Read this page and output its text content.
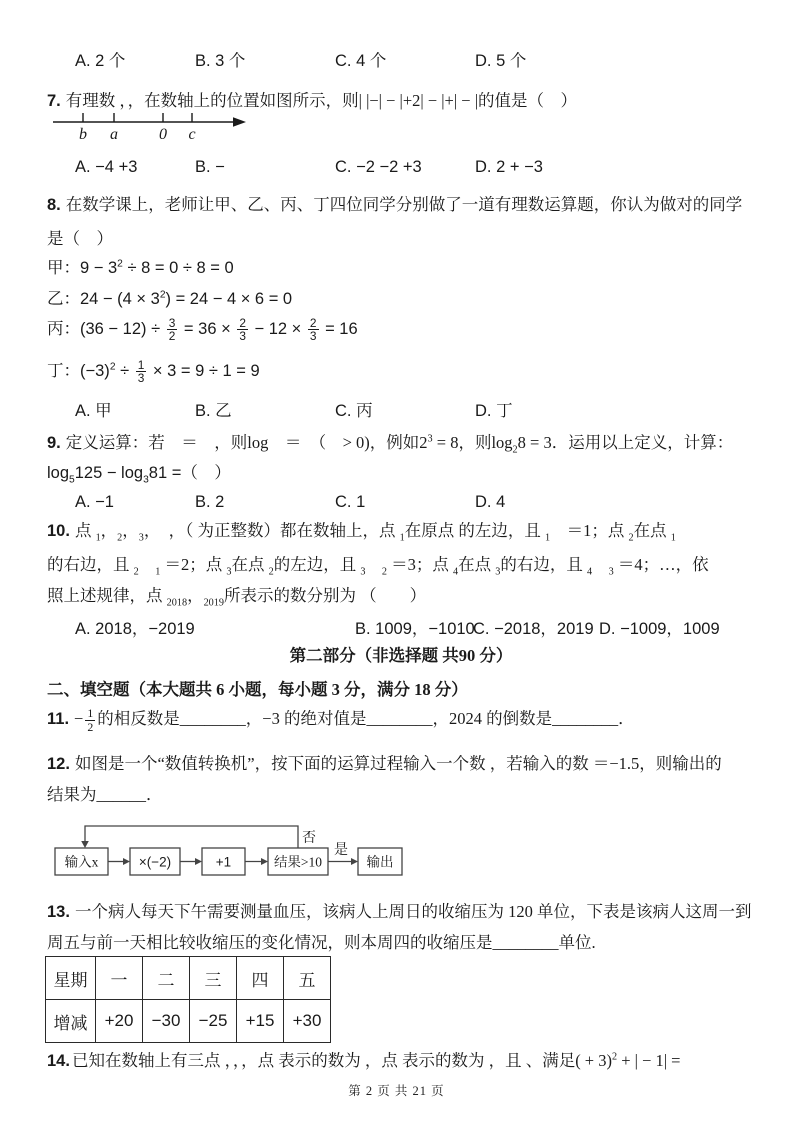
A. 2 个	B. 3 个	C. 4 个	D. 5 个
7. 有理数 ，，在数轴上的位置如图所示，则| |−| − |+2| − |+| − |的值是（　）
b a	0 c
A. −4 +3	B. −	C. −2 −2 +3	D. 2 + −3
8. 在数学课上，老师让甲、乙、丙、丁四位同学分别做了一道有理数运算题，你认为做对的同学
是（　）
甲：$9 - 3^2 \div 8 = 0 \div 8 = 0$
乙：$24 - (4 \times 3^2) = 24 - 4 \times 6 = 0$
丙：$(36 - 12) \div \frac{3}{2} = 36 \times \frac{2}{3} - 12 \times \frac{2}{3} = 16$
丁：$(-3)^2 \div \frac{1}{3} \times 3 = 9 \div 1 = 9$
A. 甲	B. 乙	C. 丙	D. 丁
9. 定义运算：若　＝　，则log　＝　（　> 0)，例如$2^3 = 8$，则$\log_28 = 3$．运用以上定义，计算：
$\log_5125 - \log_381$ =（　）
A. −1	B. 2	C. 1	D. 4
10. 点 $_1$，$_2$，$_3$，　，（ 为正整数）都在数轴上，点 $_1$在原点 的左边，且 $_1$　＝1；点 $_2$在点 $_1$
的右边，且 $_2$　 $_1$ ＝2；点 $_3$在点 $_2$的左边，且 $_3$　 $_2$ ＝3；点 $_4$在点 $_3$的右边，且 $_4$　 $_3$ ＝4；…，依
照上述规律，点 $_{2018}$，$_{2019}$所表示的数分别为 （　　）
A. 2018，−2019	B. 1009，−1010
C. −2018，2019 D. −1009，1009
第二部分（非选择题 共90 分）
二、填空题（本大题共 6 小题，每小题 3 分，满分 18 分）
11. − $\frac{1}{2}$ 的相反数是________，−3 的绝对值是________，2024 的倒数是________．
12. 如图是一个“数值转换机”，按下面的运算过程输入一个数 ，若输入的数 ＝−1.5，则输出的
结果为______．
否
输入x	×(−2)	+1	结果>10	输出
是
13. 一个病人每天下午需要测量血压，该病人上周日的收缩压为 120 单位，下表是该病人这周一到
周五与前一天相比较收缩压的变化情况，则本周四的收缩压是________单位.
星期	一	二	三	四	五
增减	+20	−30	−25	+15	+30
14. 已知在数轴上有三点 ，，，点 表示的数为 ，点 表示的数为 ，且 、满足( + 3)$^2$ + | − 1| =
第 2 页 共 21 页
